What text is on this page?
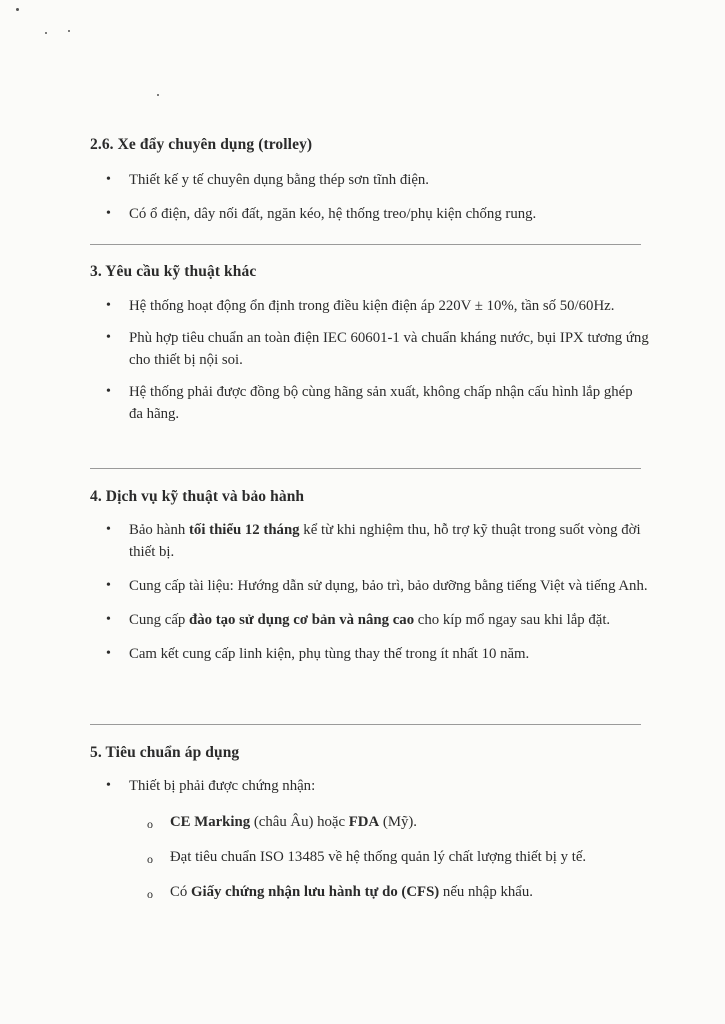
2.6. Xe đẩy chuyên dụng (trolley)
• Thiết kế y tế chuyên dụng bằng thép sơn tĩnh điện.
• Có ổ điện, dây nối đất, ngăn kéo, hệ thống treo/phụ kiện chống rung.
3. Yêu cầu kỹ thuật khác
• Hệ thống hoạt động ổn định trong điều kiện điện áp 220V ± 10%, tần số 50/60Hz.
• Phù hợp tiêu chuẩn an toàn điện IEC 60601-1 và chuẩn kháng nước, bụi IPX tương ứng cho thiết bị nội soi.
• Hệ thống phải được đồng bộ cùng hãng sản xuất, không chấp nhận cấu hình lắp ghép đa hãng.
4. Dịch vụ kỹ thuật và bảo hành
• Bảo hành tối thiểu 12 tháng kể từ khi nghiệm thu, hỗ trợ kỹ thuật trong suốt vòng đời thiết bị.
• Cung cấp tài liệu: Hướng dẫn sử dụng, bảo trì, bảo dưỡng bằng tiếng Việt và tiếng Anh.
• Cung cấp đào tạo sử dụng cơ bản và nâng cao cho kíp mổ ngay sau khi lắp đặt.
• Cam kết cung cấp linh kiện, phụ tùng thay thế trong ít nhất 10 năm.
5. Tiêu chuẩn áp dụng
• Thiết bị phải được chứng nhận:
o CE Marking (châu Âu) hoặc FDA (Mỹ).
o Đạt tiêu chuẩn ISO 13485 về hệ thống quản lý chất lượng thiết bị y tế.
o Có Giấy chứng nhận lưu hành tự do (CFS) nếu nhập khẩu.
